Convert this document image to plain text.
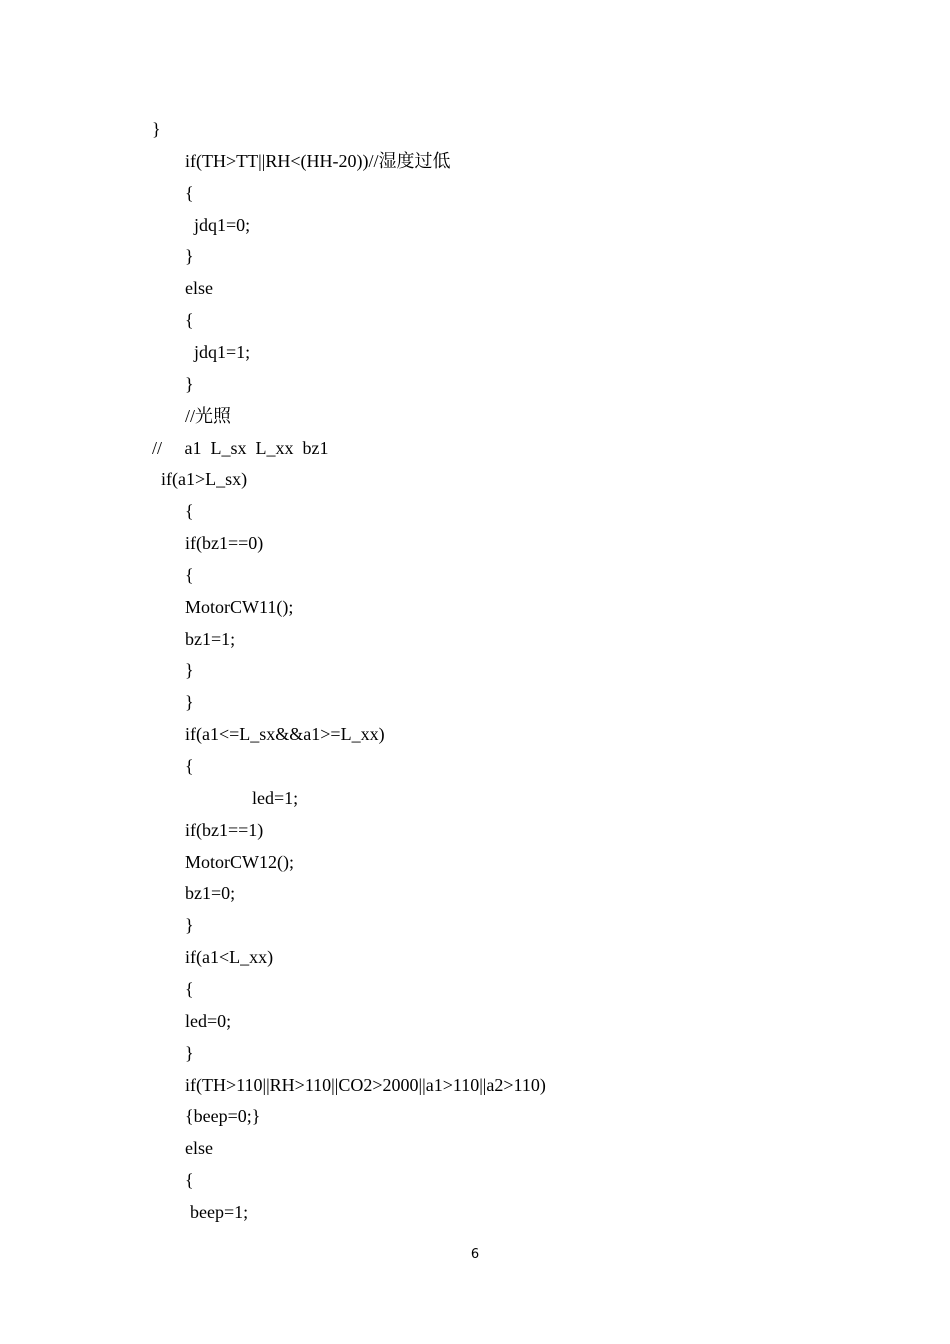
}
if(TH>TT||RH<(HH-20))//湿度过低
{
jdq1=0;
}
else
{
jdq1=1;
}
//光照
//     a1  L_sx  L_xx  bz1
if(a1>L_sx)
{
if(bz1==0)
{
MotorCW11();
bz1=1;
}
}
if(a1<=L_sx&&a1>=L_xx)
{
led=1;
if(bz1==1)
MotorCW12();
bz1=0;
}
if(a1<L_xx)
{
led=0;
}
if(TH>110||RH>110||CO2>2000||a1>110||a2>110)
{beep=0;}
else
{
beep=1;
6
